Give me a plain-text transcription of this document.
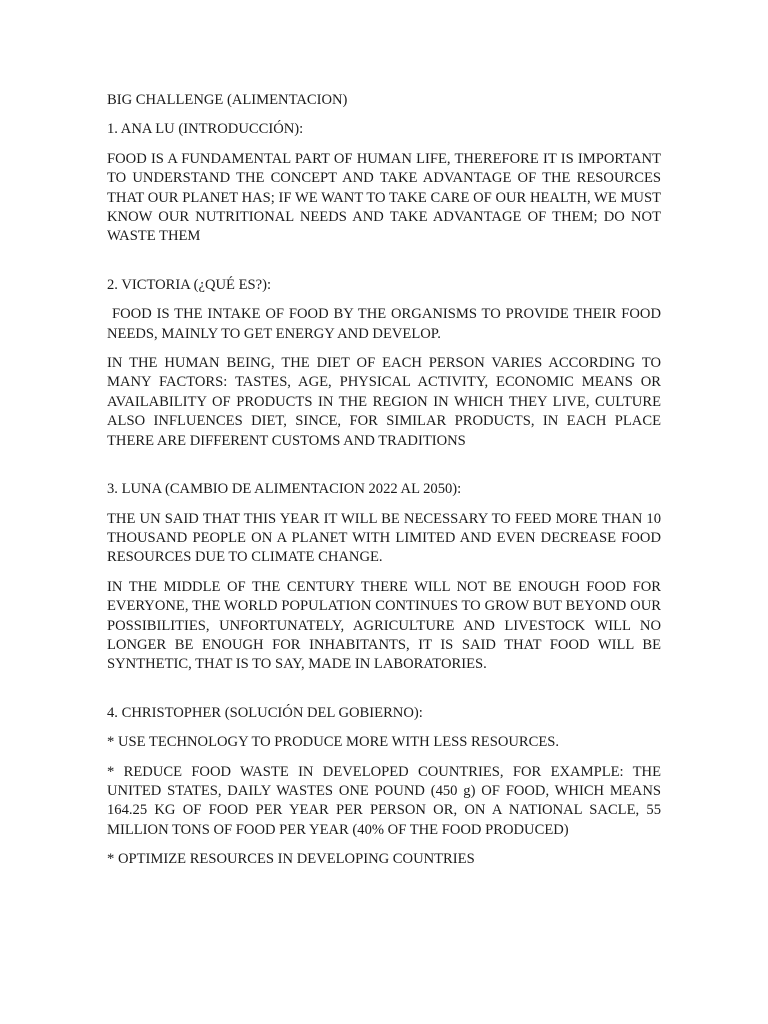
BIG CHALLENGE (ALIMENTACION)

1. ANA LU (INTRODUCCIÓN):

FOOD IS A FUNDAMENTAL PART OF HUMAN LIFE, THEREFORE IT IS IMPORTANT TO UNDERSTAND THE CONCEPT AND TAKE ADVANTAGE OF THE RESOURCES THAT OUR PLANET HAS; IF WE WANT TO TAKE CARE OF OUR HEALTH, WE MUST KNOW OUR NUTRITIONAL NEEDS AND TAKE ADVANTAGE OF THEM; DO NOT WASTE THEM

2. VICTORIA (¿QUÉ ES?):

FOOD IS THE INTAKE OF FOOD BY THE ORGANISMS TO PROVIDE THEIR FOOD NEEDS, MAINLY TO GET ENERGY AND DEVELOP.

IN THE HUMAN BEING, THE DIET OF EACH PERSON VARIES ACCORDING TO MANY FACTORS: TASTES, AGE, PHYSICAL ACTIVITY, ECONOMIC MEANS OR AVAILABILITY OF PRODUCTS IN THE REGION IN WHICH THEY LIVE, CULTURE ALSO INFLUENCES DIET, SINCE, FOR SIMILAR PRODUCTS, IN EACH PLACE THERE ARE DIFFERENT CUSTOMS AND TRADITIONS

3. LUNA (CAMBIO DE ALIMENTACION 2022 AL 2050):

THE UN SAID THAT THIS YEAR IT WILL BE NECESSARY TO FEED MORE THAN 10 THOUSAND PEOPLE ON A PLANET WITH LIMITED AND EVEN DECREASE FOOD RESOURCES DUE TO CLIMATE CHANGE.

IN THE MIDDLE OF THE CENTURY THERE WILL NOT BE ENOUGH FOOD FOR EVERYONE, THE WORLD POPULATION CONTINUES TO GROW BUT BEYOND OUR POSSIBILITIES, UNFORTUNATELY, AGRICULTURE AND LIVESTOCK WILL NO LONGER BE ENOUGH FOR INHABITANTS, IT IS SAID THAT FOOD WILL BE SYNTHETIC, THAT IS TO SAY, MADE IN LABORATORIES.

4. CHRISTOPHER (SOLUCIÓN DEL GOBIERNO):

* USE TECHNOLOGY TO PRODUCE MORE WITH LESS RESOURCES.

* REDUCE FOOD WASTE IN DEVELOPED COUNTRIES, FOR EXAMPLE: THE UNITED STATES, DAILY WASTES ONE POUND (450 g) OF FOOD, WHICH MEANS 164.25 KG OF FOOD PER YEAR PER PERSON OR, ON A NATIONAL SACLE, 55 MILLION TONS OF FOOD PER YEAR (40% OF THE FOOD PRODUCED)

* OPTIMIZE RESOURCES IN DEVELOPING COUNTRIES
